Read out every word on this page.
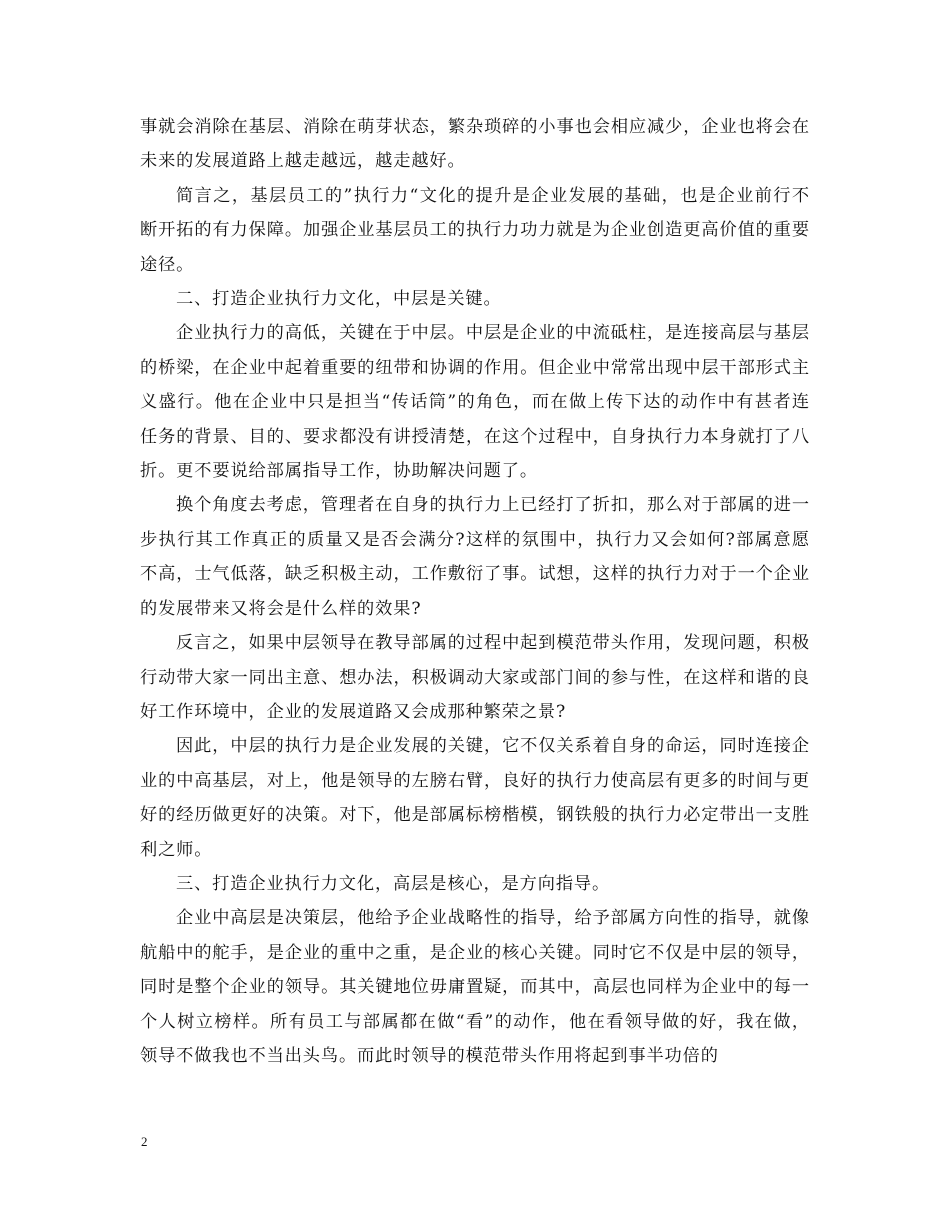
事就会消除在基层、消除在萌芽状态，繁杂琐碎的小事也会相应减少，企业也将会在未来的发展道路上越走越远，越走越好。

简言之，基层员工的”执行力“文化的提升是企业发展的基础，也是企业前行不断开拓的有力保障。加强企业基层员工的执行力功力就是为企业创造更高价值的重要途径。

二、打造企业执行力文化，中层是关键。

企业执行力的高低，关键在于中层。中层是企业的中流砥柱，是连接高层与基层的桥梁，在企业中起着重要的纽带和协调的作用。但企业中常常出现中层干部形式主义盛行。他在企业中只是担当“传话筒”的角色，而在做上传下达的动作中有甚者连任务的背景、目的、要求都没有讲授清楚，在这个过程中，自身执行力本身就打了八折。更不要说给部属指导工作，协助解决问题了。

换个角度去考虑，管理者在自身的执行力上已经打了折扣，那么对于部属的进一步执行其工作真正的质量又是否会满分?这样的氛围中，执行力又会如何?部属意愿不高，士气低落，缺乏积极主动，工作敷衍了事。试想，这样的执行力对于一个企业的发展带来又将会是什么样的效果?

反言之，如果中层领导在教导部属的过程中起到模范带头作用，发现问题，积极行动带大家一同出主意、想办法，积极调动大家或部门间的参与性，在这样和谐的良好工作环境中，企业的发展道路又会成那种繁荣之景?

因此，中层的执行力是企业发展的关键，它不仅关系着自身的命运，同时连接企业的中高基层，对上，他是领导的左膀右臂，良好的执行力使高层有更多的时间与更好的经历做更好的决策。对下，他是部属标榜楷模，钢铁般的执行力必定带出一支胜利之师。

三、打造企业执行力文化，高层是核心，是方向指导。

企业中高层是决策层，他给予企业战略性的指导，给予部属方向性的指导，就像航船中的舵手，是企业的重中之重，是企业的核心关键。同时它不仅是中层的领导，同时是整个企业的领导。其关键地位毋庸置疑，而其中，高层也同样为企业中的每一个人树立榜样。所有员工与部属都在做“看”的动作，他在看领导做的好，我在做，领导不做我也不当出头鸟。而此时领导的模范带头作用将起到事半功倍的

2
